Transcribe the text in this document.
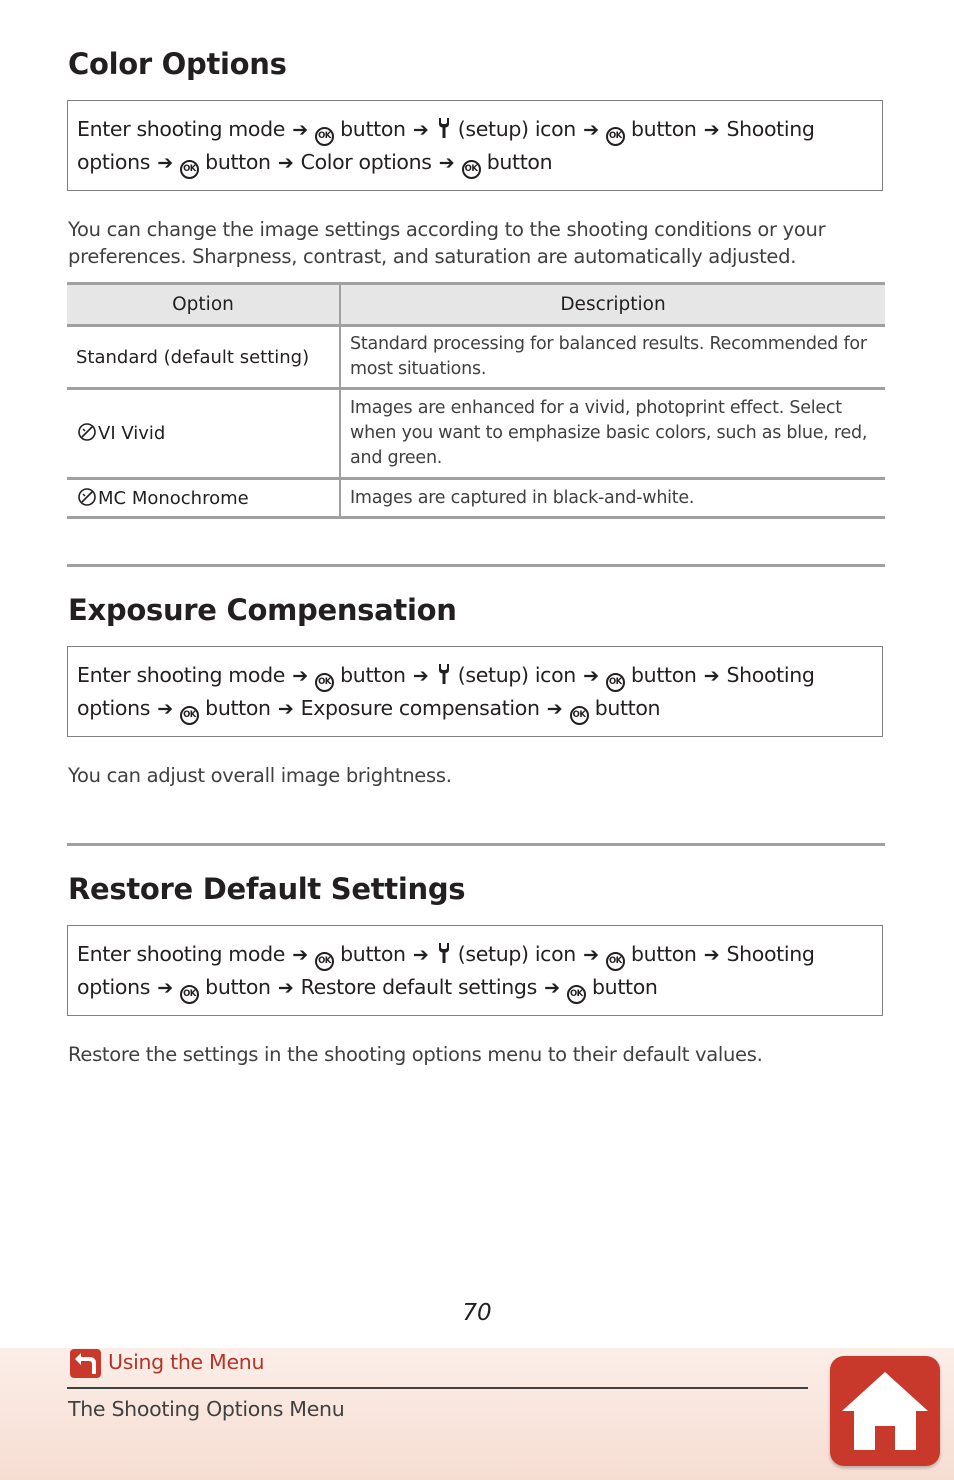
Color Options
Enter shooting mode ➔ OK button ➔ (setup) icon ➔ OK button ➔ Shooting
options ➔ OK button ➔ Color options ➔ OK button
You can change the image settings according to the shooting conditions or your preferences. Sharpness, contrast, and saturation are automatically adjusted.
Option	Description
Standard (default setting)	Standard processing for balanced results. Recommended for most situations.
VI Vivid	Images are enhanced for a vivid, photoprint effect. Select when you want to emphasize basic colors, such as blue, red, and green.
MC Monochrome	Images are captured in black-and-white.
Exposure Compensation
Enter shooting mode ➔ OK button ➔ (setup) icon ➔ OK button ➔ Shooting
options ➔ OK button ➔ Exposure compensation ➔ OK button
You can adjust overall image brightness.
Restore Default Settings
Enter shooting mode ➔ OK button ➔ (setup) icon ➔ OK button ➔ Shooting
options ➔ OK button ➔ Restore default settings ➔ OK button
Restore the settings in the shooting options menu to their default values.
70
Using the Menu
The Shooting Options Menu
